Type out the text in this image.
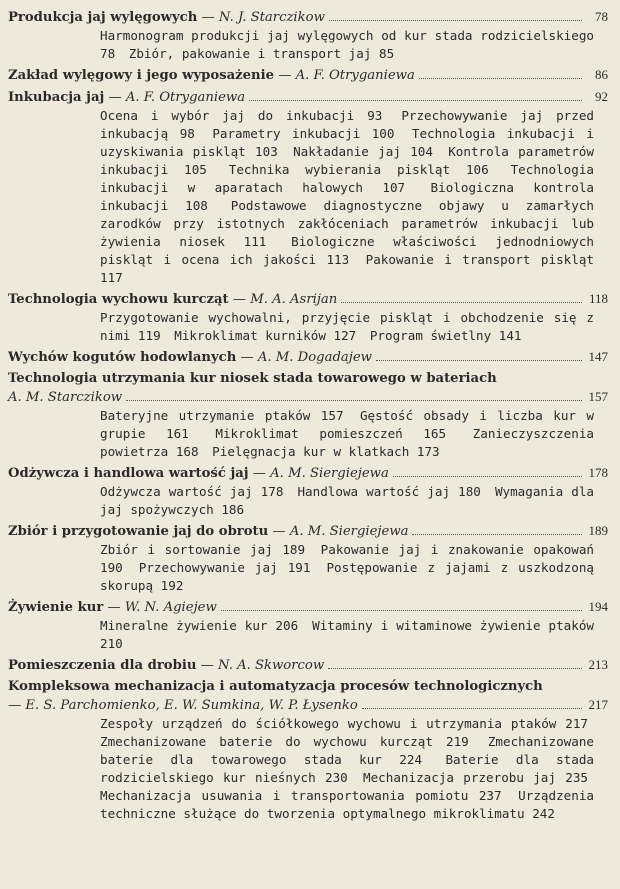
Produkcja jaj wylęgowych — N. J. Starczikow	78
Harmonogram produkcji jaj wylęgowych od kur stada rodzicielskiego 78 Zbiór, pakowanie i transport jaj 85
Zakład wylęgowy i jego wyposażenie — A. F. Otryganiewa	86
Inkubacja jaj — A. F. Otryganiewa	92
Ocena i wybór jaj do inkubacji 93 Przechowywanie jaj przed inkubacją 98 Parametry inkubacji 100 Technologia inkubacji i uzyskiwania piskląt 103 Nakładanie jaj 104 Kontrola parametrów inkubacji 105 Technika wybierania piskląt 106 Technologia inkubacji w aparatach halowych 107 Biologiczna kontrola inkubacji 108 Podstawowe diagnostyczne objawy u zamarłych zarodków przy istotnych zakłóceniach parametrów inkubacji lub żywienia niosek 111 Biologiczne właściwości jednodniowych piskląt i ocena ich jakości 113 Pakowanie i transport piskląt 117
Technologia wychowu kurcząt — M. A. Asrijan	118
Przygotowanie wychowalni, przyjęcie piskląt i obchodzenie się z nimi 119 Mikroklimat kurników 127 Program świetlny 141
Wychów kogutów hodowlanych — A. M. Dogadajew	147
Technologia utrzymania kur niosek stada towarowego w bateriach
A. M. Starczikow	157
Bateryjne utrzymanie ptaków 157 Gęstość obsady i liczba kur w grupie 161 Mikroklimat pomieszczeń 165 Zanieczyszczenia powietrza 168 Pielęgnacja kur w klatkach 173
Odżywcza i handlowa wartość jaj — A. M. Siergiejewa	178
Odżywcza wartość jaj 178 Handlowa wartość jaj 180 Wymagania dla jaj spożywczych 186
Zbiór i przygotowanie jaj do obrotu — A. M. Siergiejewa	189
Zbiór i sortowanie jaj 189 Pakowanie jaj i znakowanie opakowań 190 Przechowywanie jaj 191 Postępowanie z jajami z uszkodzoną skorupą 192
Żywienie kur — W. N. Agiejew	194
Mineralne żywienie kur 206 Witaminy i witaminowe żywienie ptaków 210
Pomieszczenia dla drobiu — N. A. Skworcow	213
Kompleksowa mechanizacja i automatyzacja procesów technologicznych
— E. S. Parchomienko, E. W. Sumkina, W. P. Łysenko	217
Zespoły urządzeń do ściółkowego wychowu i utrzymania ptaków 217 Zmechanizowane baterie do wychowu kurcząt 219 Zmechanizowane baterie dla towarowego stada kur 224 Baterie dla stada rodzicielskiego kur nieśnych 230 Mechanizacja przerobu jaj 235 Mechanizacja usuwania i transportowania pomiotu 237 Urządzenia techniczne służące do tworzenia optymalnego mikroklimatu 242
